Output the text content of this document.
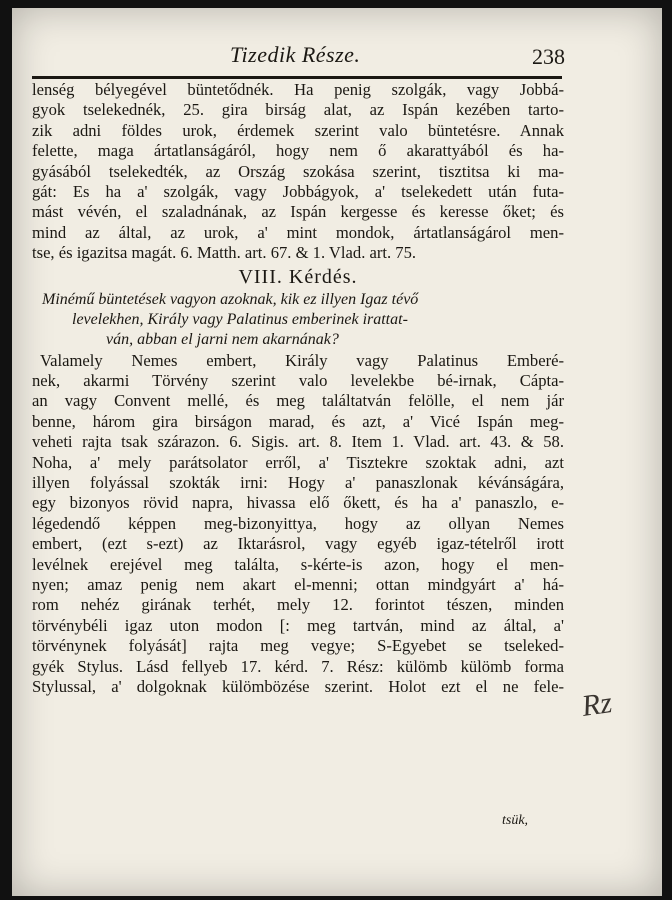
Tizedik Része.	238
lenség bélyegével büntetődnék. Ha penig szolgák, vagy Jobbá-
gyok tselekednék, 25. gira birság alat, az Ispán kezében tarto-
zik adni földes urok, érdemek szerint valo büntetésre. Annak
felette, maga ártatlanságáról, hogy nem ő akarattyából és ha-
gyásából tselekedték, az Ország szokása szerint, tisztitsa ki ma-
gát: Es ha a' szolgák, vagy Jobbágyok, a' tselekedett után futa-
mást vévén, el szaladnának, az Ispán kergesse és keresse őket; és
mind az által, az urok, a' mint mondok, ártatlanságárol men-
tse, és igazitsa magát. 6. Matth. art. 67. & 1. Vlad. art. 75.
VIII. Kérdés.
Minémű büntetések vagyon azoknak, kik ez illyen Igaz tévő
levelekhen, Király vagy Palatinus emberinek irattat-
ván, abban el jarni nem akarnának?
Valamely Nemes embert, Király vagy Palatinus Emberé-
nek, akarmi Törvény szerint valo levelekbe bé-irnak, Cápta-
an vagy Convent mellé, és meg találtatván felölle, el nem jár
benne, három gira birságon marad, és azt, a' Vicé Ispán meg-
veheti rajta tsak szárazon. 6. Sigis. art. 8. Item 1. Vlad. art. 43. & 58.
Noha, a' mely parátsolator erről, a' Tisztekre szoktak adni, azt
illyen folyással szokták irni: Hogy a' panaszlonak kévánságára,
egy bizonyos rövid napra, hivassa elő őkett, és ha a' panaszlo, e-
légedendő képpen meg-bizonyittya, hogy az ollyan Nemes
embert, (ezt s-ezt) az Iktarásrol, vagy egyéb igaz-tételről irott
levélnek erejével meg találta, s-kérte-is azon, hogy el men-
nyen; amaz penig nem akart el-menni; ottan mindgyárt a' há-
rom nehéz girának terhét, mely 12. forintot tészen, minden
törvénybéli igaz uton modon [: meg tartván, mind az által, a'
törvénynek folyását] rajta meg vegye; S-Egyebet se tseleked-
gyék Stylus. Lásd fellyeb 17. kérd. 7. Rész: külömb külömb forma
Stylussal, a' dolgoknak külömbözése szerint. Holot ezt el ne fele-
tsük,
Rz
